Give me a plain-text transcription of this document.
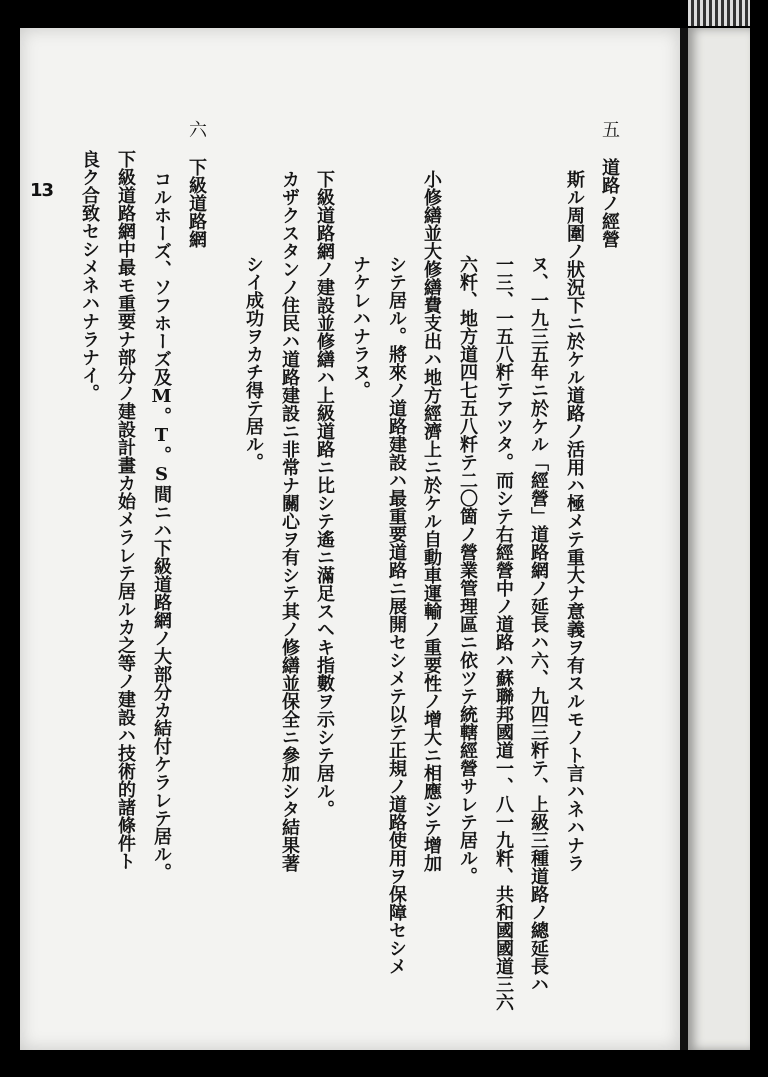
13
五
道路ノ經營
斯ル周圍ノ狀況下ニ於ケル道路ノ活用ハ極メテ重大ナ意義ヲ有スルモノト言ハネハナラ
ヌ、一九三五年ニ於ケル「經營」道路網ノ延長ハ六、九四三粁テ、上級三種道路ノ總延長ハ
一三、一五八粁テアツタ。而シテ右經營中ノ道路ハ蘇聯邦國道一、八一九粁、共和國國道三六
六粁、地方道四七五八粁テ二〇箇ノ營業管理區ニ依ツテ統轄經營サレテ居ル。
小修繕並大修繕費支出ハ地方經濟上ニ於ケル自動車運輸ノ重要性ノ增大ニ相應シテ增加
シテ居ル。將來ノ道路建設ハ最重要道路ニ展開セシメテ以テ正規ノ道路使用ヲ保障セシメ
ナケレハナラヌ。
下級道路網ノ建設並修繕ハ上級道路ニ比シテ遙ニ滿足スヘキ指數ヲ示シテ居ル。
カザクスタンノ住民ハ道路建設ニ非常ナ關心ヲ有シテ其ノ修繕並保全ニ參加シタ結果著
シイ成功ヲカチ得テ居ル。
六
下級道路網
コルホーズ、ソフホーズ及M。T。S間ニハ下級道路網ノ大部分カ結付ケラレテ居ル。
下級道路網中最モ重要ナ部分ノ建設計畫カ始メラレテ居ルカ之等ノ建設ハ技術的諸條件ト
良ク合致セシメネハナラナイ。
